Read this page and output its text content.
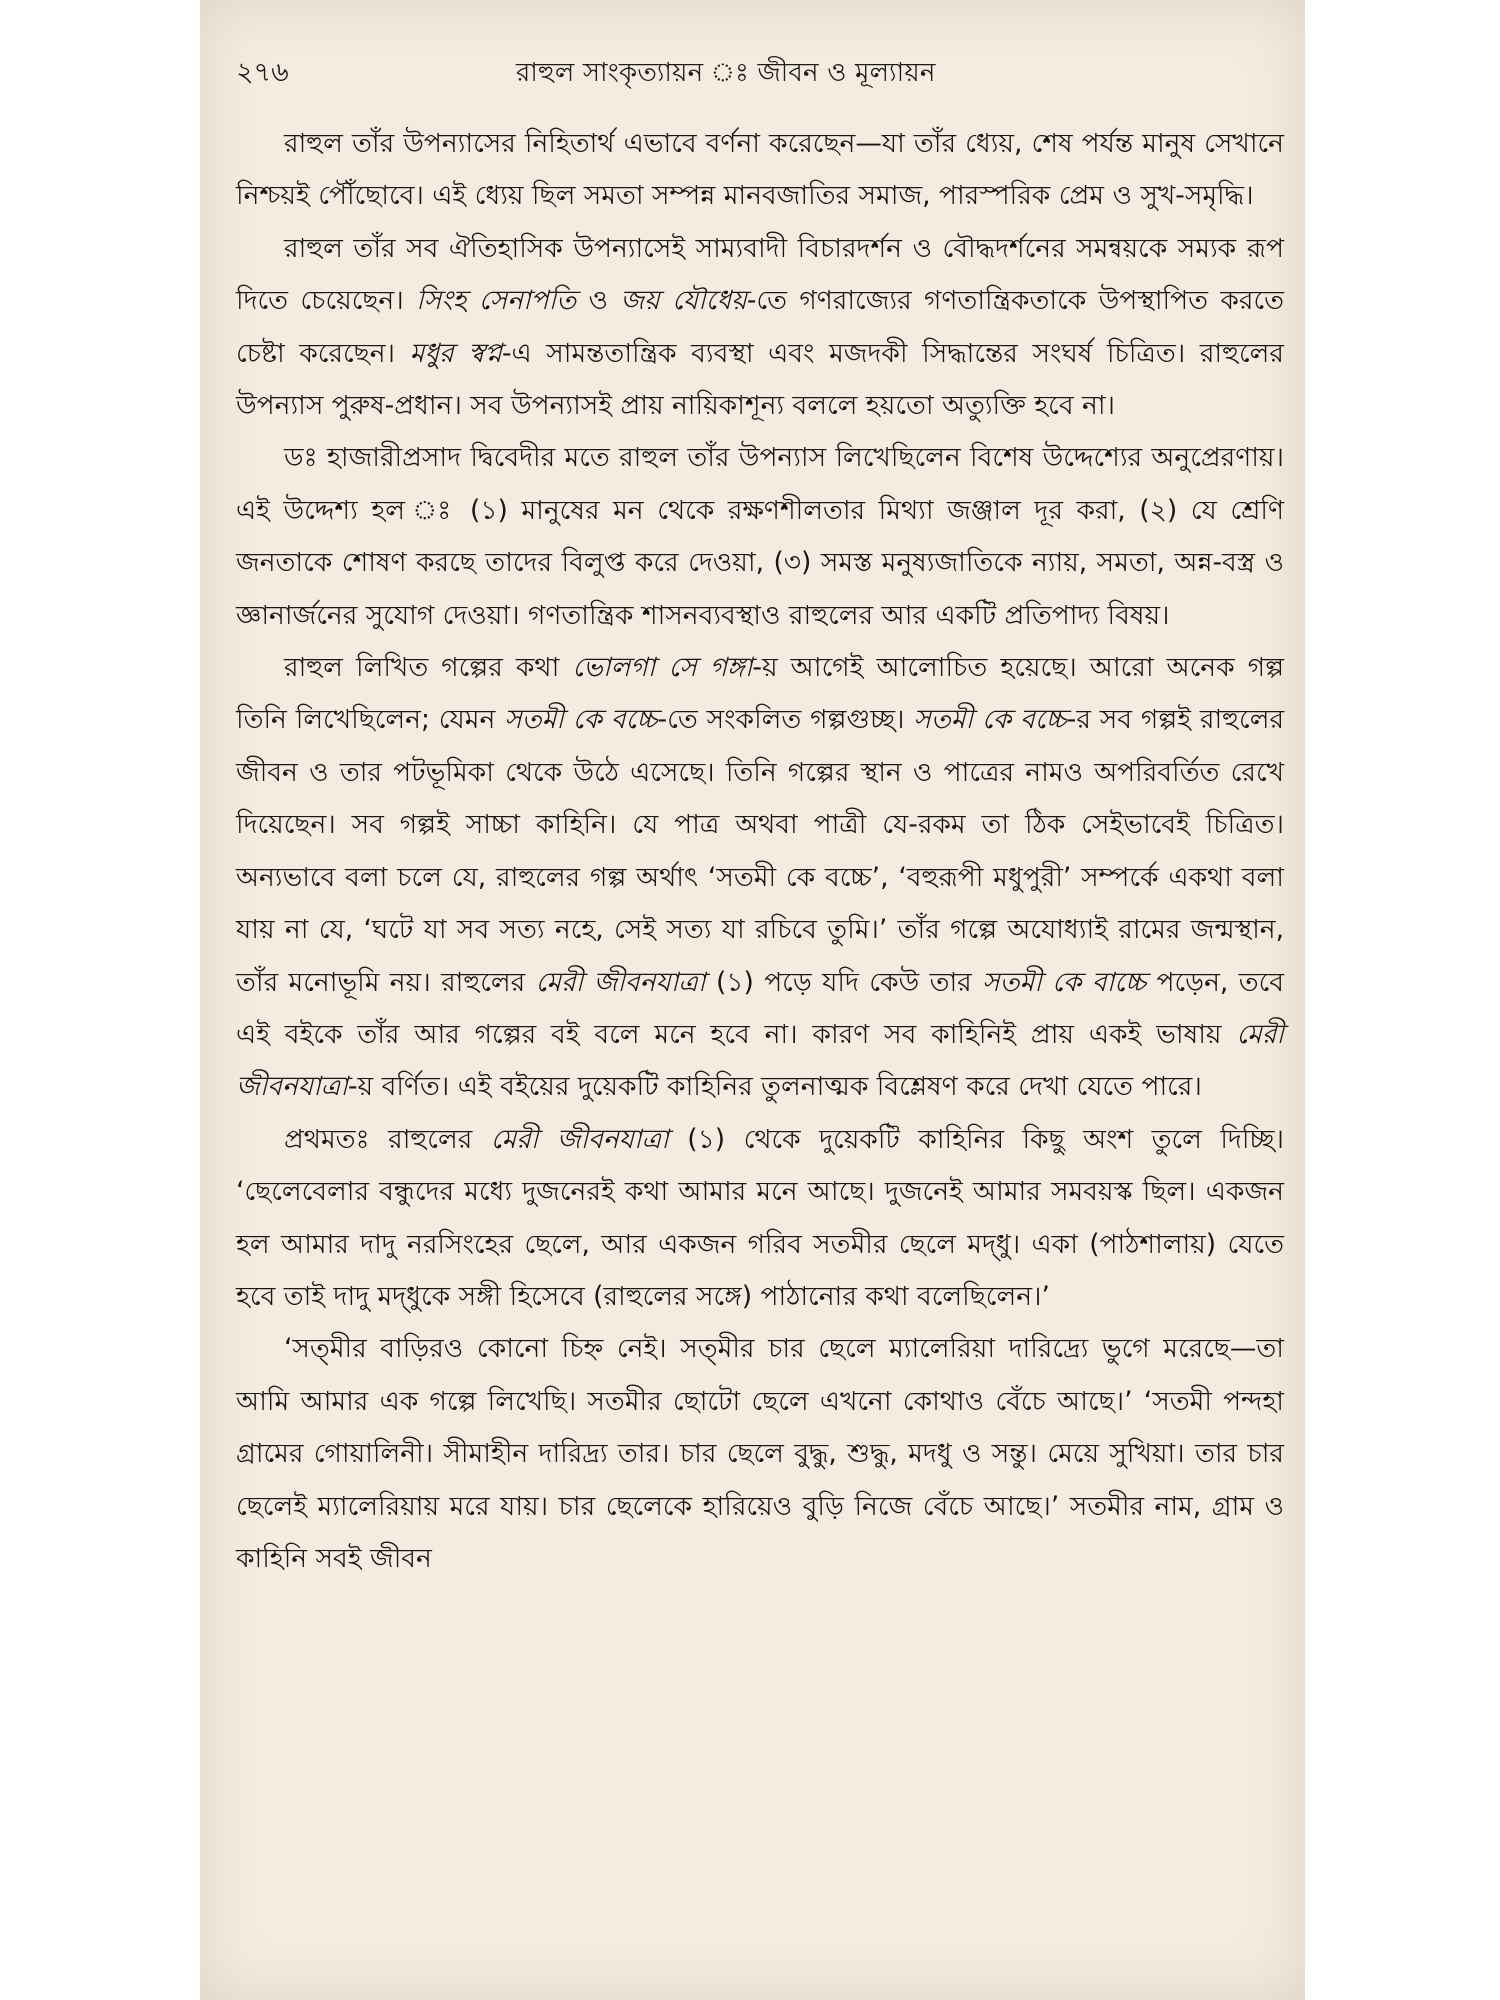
২৭৬	রাহুল সাংকৃত্যায়ন ঃ জীবন ও মূল্যায়ন

রাহুল তাঁর উপন্যাসের নিহিতার্থ এভাবে বর্ণনা করেছেন—যা তাঁর ধ্যেয়, শেষ পর্যন্ত মানুষ সেখানে নিশ্চয়ই পৌঁছোবে। এই ধ্যেয় ছিল সমতা সম্পন্ন মানবজাতির সমাজ, পারস্পরিক প্রেম ও সুখ-সমৃদ্ধি।

রাহুল তাঁর সব ঐতিহাসিক উপন্যাসেই সাম্যবাদী বিচারদর্শন ও বৌদ্ধদর্শনের সমন্বয়কে সম্যক রূপ দিতে চেয়েছেন। সিংহ সেনাপতি ও জয় যৌধেয়-তে গণরাজ্যের গণতান্ত্রিকতাকে উপস্থাপিত করতে চেষ্টা করেছেন। মধুর স্বপ্ন-এ সামন্ততান্ত্রিক ব্যবস্থা এবং মজদকী সিদ্ধান্তের সংঘর্ষ চিত্রিত। রাহুলের উপন্যাস পুরুষ-প্রধান। সব উপন্যাসই প্রায় নায়িকাশূন্য বললে হয়তো অত্যুক্তি হবে না।

ডঃ হাজারীপ্রসাদ দ্বিবেদীর মতে রাহুল তাঁর উপন্যাস লিখেছিলেন বিশেষ উদ্দেশ্যের অনুপ্রেরণায়। এই উদ্দেশ্য হল ঃ (১) মানুষের মন থেকে রক্ষণশীলতার মিথ্যা জঞ্জাল দূর করা, (২) যে শ্রেণি জনতাকে শোষণ করছে তাদের বিলুপ্ত করে দেওয়া, (৩) সমস্ত মনুষ্যজাতিকে ন্যায়, সমতা, অন্ন-বস্ত্র ও জ্ঞানার্জনের সুযোগ দেওয়া। গণতান্ত্রিক শাসনব্যবস্থাও রাহুলের আর একটি প্রতিপাদ্য বিষয়।

রাহুল লিখিত গল্পের কথা ভোলগা সে গঙ্গা-য় আগেই আলোচিত হয়েছে। আরো অনেক গল্প তিনি লিখেছিলেন; যেমন সতমী কে বচ্চে-তে সংকলিত গল্পগুচ্ছ। সতমী কে বচ্চে-র সব গল্পই রাহুলের জীবন ও তার পটভূমিকা থেকে উঠে এসেছে। তিনি গল্পের স্থান ও পাত্রের নামও অপরিবর্তিত রেখে দিয়েছেন। সব গল্পই সাচ্চা কাহিনি। যে পাত্র অথবা পাত্রী যে-রকম তা ঠিক সেইভাবেই চিত্রিত। অন্যভাবে বলা চলে যে, রাহুলের গল্প অর্থাৎ ‘সতমী কে বচ্চে’, ‘বহুরূপী মধুপুরী’ সম্পর্কে একথা বলা যায় না যে, ‘ঘটে যা সব সত্য নহে, সেই সত্য যা রচিবে তুমি।’ তাঁর গল্পে অযোধ্যাই রামের জন্মস্থান, তাঁর মনোভূমি নয়। রাহুলের মেরী জীবনযাত্রা (১) পড়ে যদি কেউ তার সতমী কে বাচ্চে পড়েন, তবে এই বইকে তাঁর আর গল্পের বই বলে মনে হবে না। কারণ সব কাহিনিই প্রায় একই ভাষায় মেরী জীবনযাত্রা-য় বর্ণিত। এই বইয়ের দুয়েকটি কাহিনির তুলনাত্মক বিশ্লেষণ করে দেখা যেতে পারে।

প্রথমতঃ রাহুলের মেরী জীবনযাত্রা (১) থেকে দুয়েকটি কাহিনির কিছু অংশ তুলে দিচ্ছি। ‘ছেলেবেলার বন্ধুদের মধ্যে দুজনেরই কথা আমার মনে আছে। দুজনেই আমার সমবয়স্ক ছিল। একজন হল আমার দাদু নরসিংহের ছেলে, আর একজন গরিব সতমীর ছেলে মদ্‌ধু। একা (পাঠশালায়) যেতে হবে তাই দাদু মদ্‌ধুকে সঙ্গী হিসেবে (রাহুলের সঙ্গে) পাঠানোর কথা বলেছিলেন।’

‘সত্‌মীর বাড়িরও কোনো চিহ্ন নেই। সত্‌মীর চার ছেলে ম্যালেরিয়া দারিদ্র্যে ভুগে মরেছে—তা আমি আমার এক গল্পে লিখেছি। সতমীর ছোটো ছেলে এখনো কোথাও বেঁচে আছে।’ ‘সতমী পন্দহা গ্রামের গোয়ালিনী। সীমাহীন দারিদ্র্য তার। চার ছেলে বুদ্ধু, শুদ্ধু, মদধু ও সন্তু। মেয়ে সুখিয়া। তার চার ছেলেই ম্যালেরিয়ায় মরে যায়। চার ছেলেকে হারিয়েও বুড়ি নিজে বেঁচে আছে।’ সতমীর নাম, গ্রাম ও কাহিনি সবই জীবন
